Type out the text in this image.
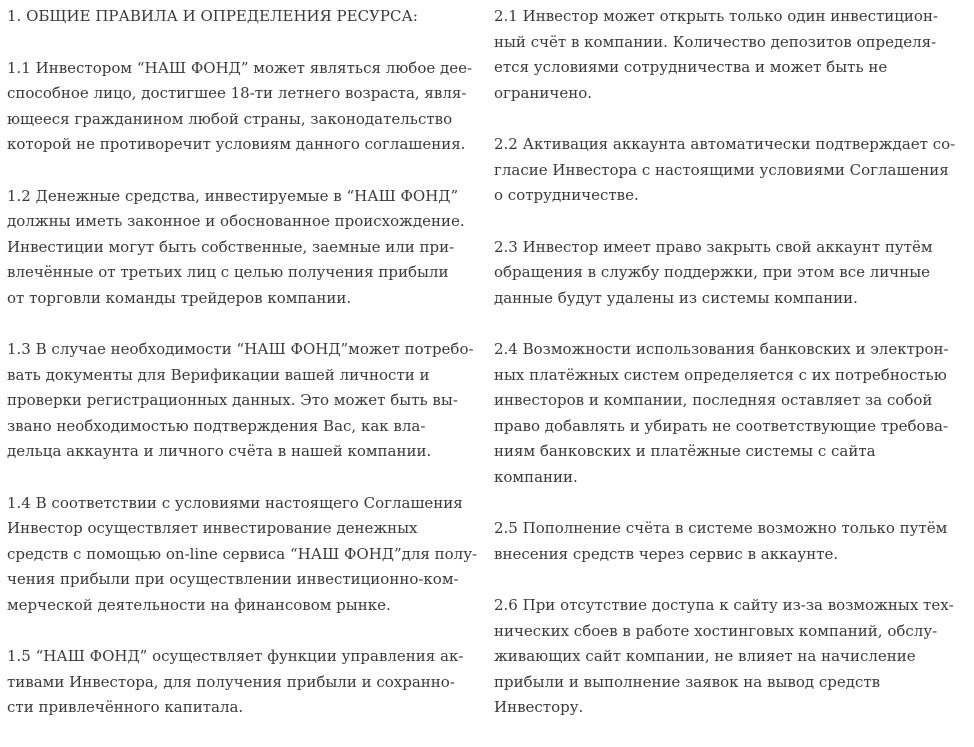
1. ОБЩИЕ ПРАВИЛА И ОПРЕДЕЛЕНИЯ РЕСУРСА:

1.1 Инвестором “НАШ ФОНД” может являться любое дее-
способное лицо, достигшее 18-ти летнего возраста, явля-
ющееся гражданином любой страны, законодательство
которой не противоречит условиям данного соглашения.

1.2 Денежные средства, инвестируемые в “НАШ ФОНД”
должны иметь законное и обоснованное происхождение.
Инвестиции могут быть собственные, заемные или при-
влечённые от третьих лиц с целью получения прибыли
от торговли команды трейдеров компании.

1.3 В случае необходимости “НАШ ФОНД”может потребо-
вать документы для Верификации вашей личности и
проверки регистрационных данных. Это может быть вы-
звано необходимостью подтверждения Вас, как вла-
дельца аккаунта и личного счёта в нашей компании.

1.4 В соответствии с условиями настоящего Соглашения
Инвестор осуществляет инвестирование денежных
средств с помощью on-line сервиса “НАШ ФОНД”для полу-
чения прибыли при осуществлении инвестиционно-ком-
мерческой деятельности на финансовом рынке.

1.5 “НАШ ФОНД” осуществляет функции управления ак-
тивами Инвестора, для получения прибыли и сохранно-
сти привлечённого капитала.

2.1 Инвестор может открыть только один инвестицион-
ный счёт в компании. Количество депозитов определя-
ется условиями сотрудничества и может быть не
ограничено.

2.2 Активация аккаунта автоматически подтверждает со-
гласие Инвестора с настоящими условиями Соглашения
о сотрудничестве.

2.3 Инвестор имеет право закрыть свой аккаунт путём
обращения в службу поддержки, при этом все личные
данные будут удалены из системы компании.

2.4 Возможности использования банковских и электрон-
ных платёжных систем определяется с их потребностью
инвесторов и компании, последняя оставляет за собой
право добавлять и убирать не соответствующие требова-
ниям банковских и платёжные системы с сайта
компании.

2.5 Пополнение счёта в системе возможно только путём
внесения средств через сервис в аккаунте.

2.6 При отсутствие доступа к сайту из-за возможных тех-
нических сбоев в работе хостинговых компаний, обслу-
живающих сайт компании, не влияет на начисление
прибыли и выполнение заявок на вывод средств
Инвестору.
